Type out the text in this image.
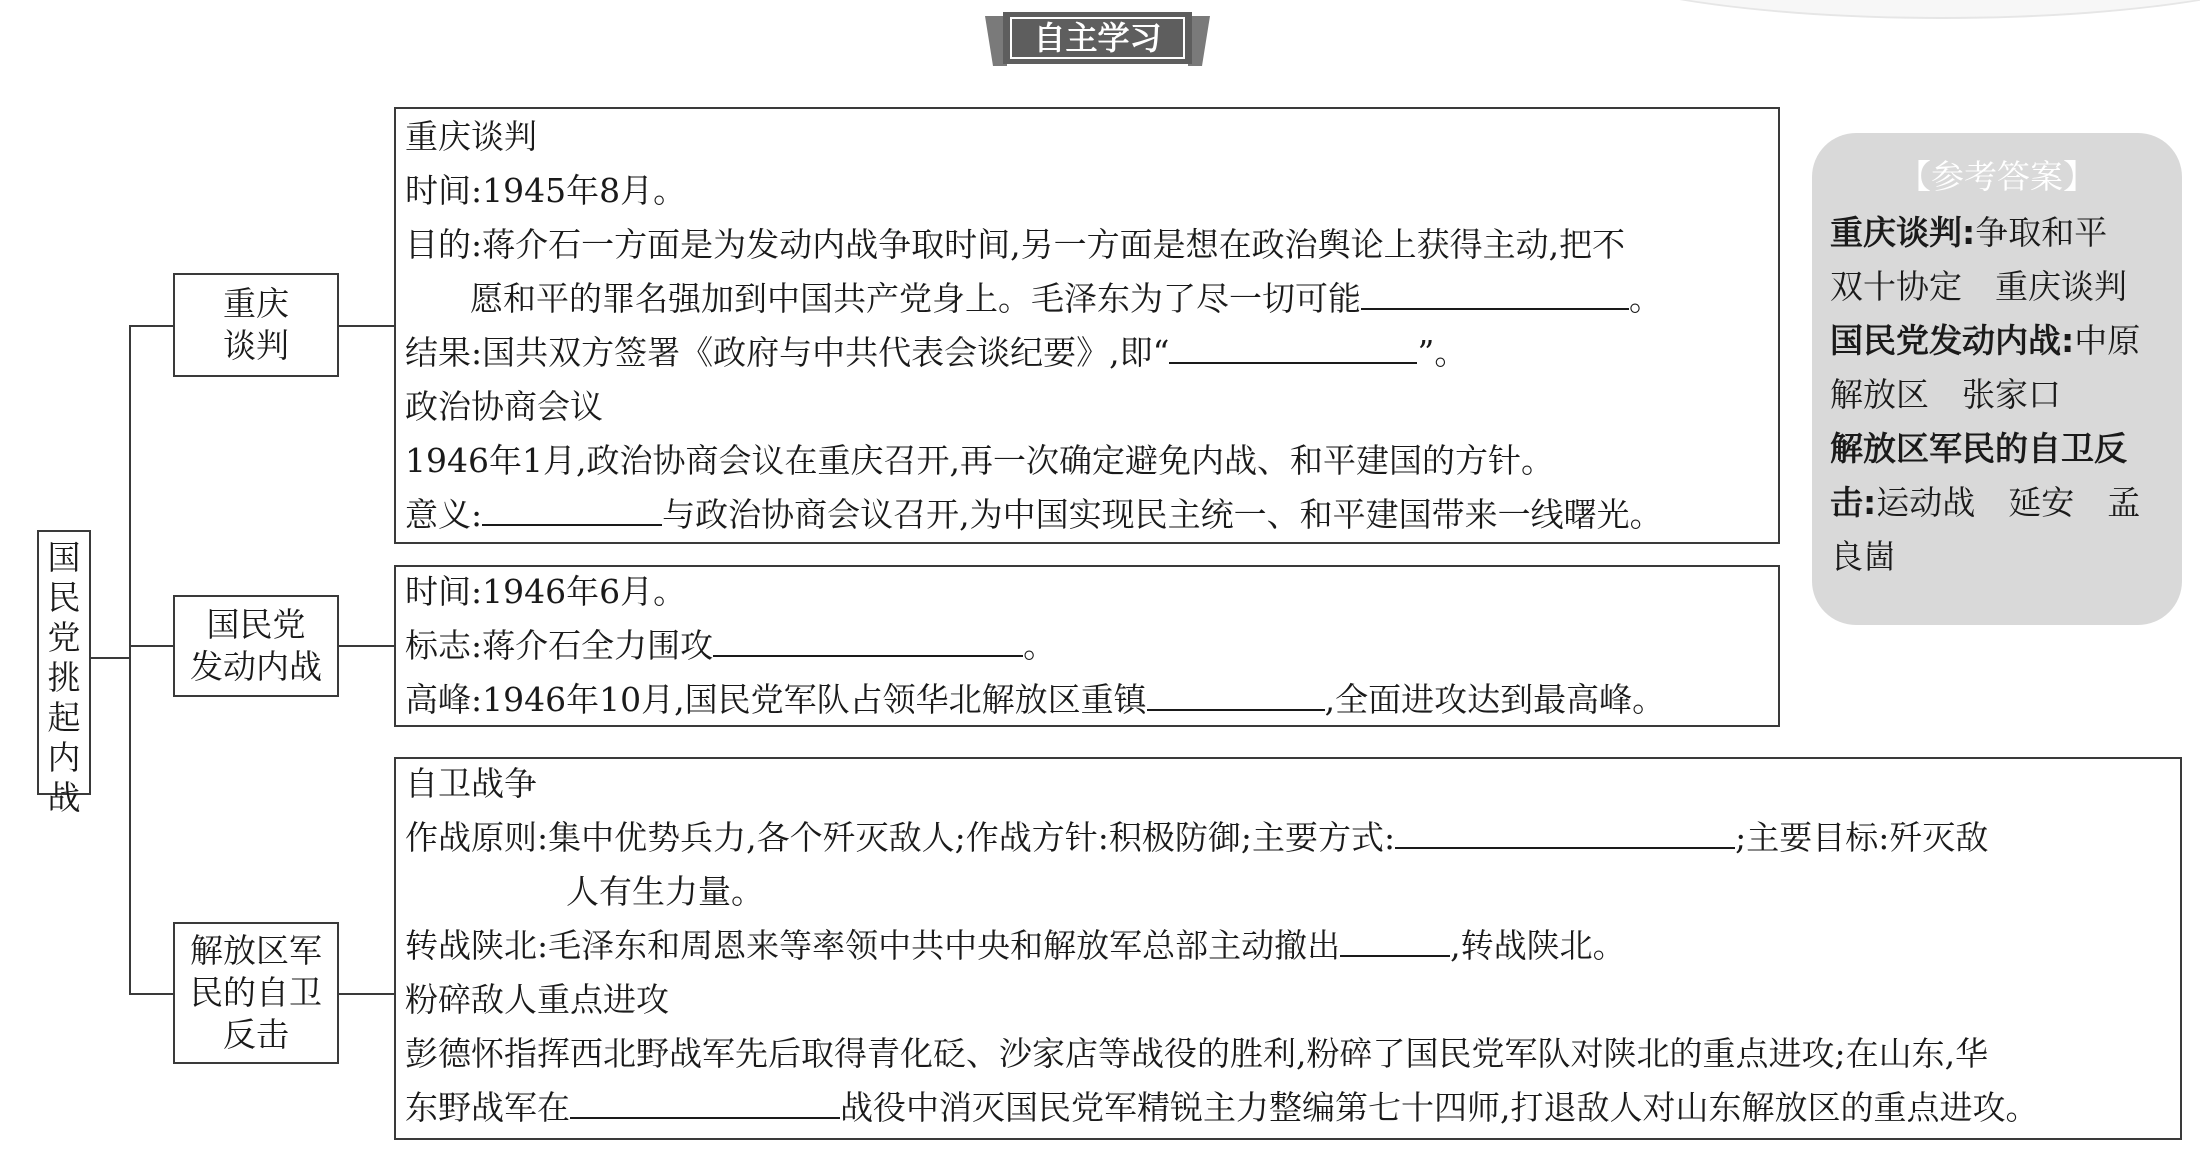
自主学习
国民党挑起内战
重庆
谈判
国民党
发动内战
解放区军
民的自卫
反击
重庆谈判
时间:1945年8月。
目的:蒋介石一方面是为发动内战争取时间,另一方面是想在政治舆论上获得主动,把不
愿和平的罪名强加到中国共产党身上。毛泽东为了尽一切可能	。
结果:国共双方签署《政府与中共代表会谈纪要》,即“	”。
政治协商会议
1946年1月,政治协商会议在重庆召开,再一次确定避免内战、和平建国的方针。
意义:	与政治协商会议召开,为中国实现民主统一、和平建国带来一线曙光。
时间:1946年6月。
标志:蒋介石全力围攻	。
高峰:1946年10月,国民党军队占领华北解放区重镇	,全面进攻达到最高峰。
自卫战争
作战原则:集中优势兵力,各个歼灭敌人;作战方针:积极防御;主要方式:	;主要目标:歼灭敌
人有生力量。
转战陕北:毛泽东和周恩来等率领中共中央和解放军总部主动撤出	,转战陕北。
粉碎敌人重点进攻
彭德怀指挥西北野战军先后取得青化砭、沙家店等战役的胜利,粉碎了国民党军队对陕北的重点进攻;在山东,华
东野战军在	战役中消灭国民党军精锐主力整编第七十四师,打退敌人对山东解放区的重点进攻。
【参考答案】
重庆谈判:争取和平
双十协定　重庆谈判
国民党发动内战:中原
解放区　张家口
解放区军民的自卫反
击:运动战　延安　孟
良崮
